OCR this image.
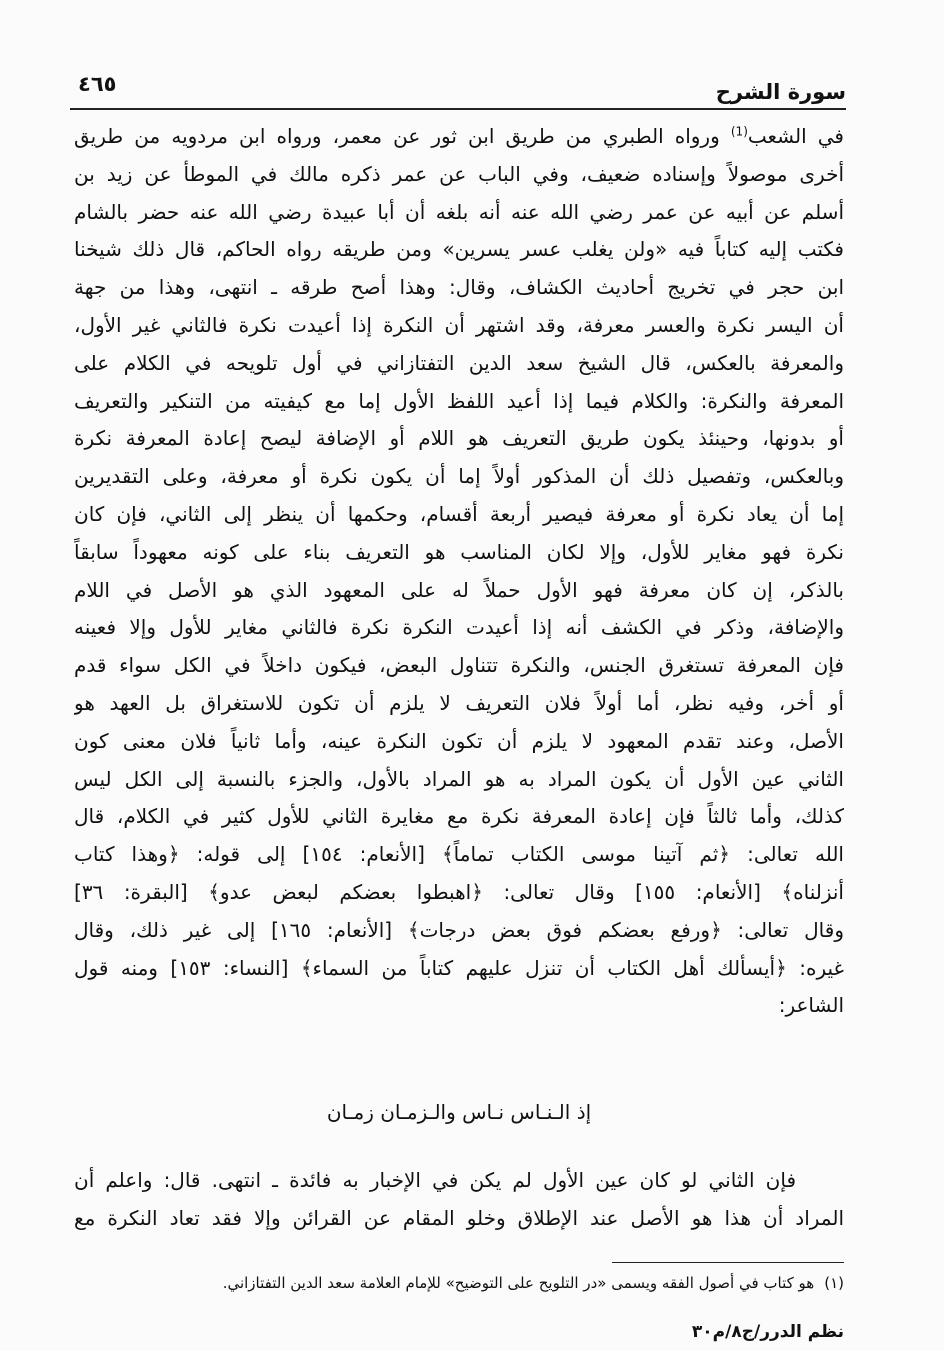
سورة الشرح
٤٦٥
في الشعب$^{(1)}$ ورواه الطبري من طريق ابن ثور عن معمر، ورواه ابن مردويه من طريق
أخرى موصولاً وإسناده ضعيف، وفي الباب عن عمر ذكره مالك في الموطأ عن زيد بن
أسلم عن أبيه عن عمر رضي الله عنه أنه بلغه أن أبا عبيدة رضي الله عنه حضر بالشام
فكتب إليه كتاباً فيه «ولن يغلب عسر يسرين» ومن طريقه رواه الحاكم، قال ذلك شيخنا
ابن حجر في تخريج أحاديث الكشاف، وقال: وهذا أصح طرقه ـ انتهى، وهذا من جهة
أن اليسر نكرة والعسر معرفة، وقد اشتهر أن النكرة إذا أعيدت نكرة فالثاني غير الأول،
والمعرفة بالعكس، قال الشيخ سعد الدين التفتازاني في أول تلويحه في الكلام على
المعرفة والنكرة: والكلام فيما إذا أعيد اللفظ الأول إما مع كيفيته من التنكير والتعريف
أو بدونها، وحينئذ يكون طريق التعريف هو اللام أو الإضافة ليصح إعادة المعرفة نكرة
وبالعكس، وتفصيل ذلك أن المذكور أولاً إما أن يكون نكرة أو معرفة، وعلى التقديرين
إما أن يعاد نكرة أو معرفة فيصير أربعة أقسام، وحكمها أن ينظر إلى الثاني، فإن كان
نكرة فهو مغاير للأول، وإلا لكان المناسب هو التعريف بناء على كونه معهوداً سابقاً
بالذكر، إن كان معرفة فهو الأول حملاً له على المعهود الذي هو الأصل في اللام
والإضافة، وذكر في الكشف أنه إذا أعيدت النكرة نكرة فالثاني مغاير للأول وإلا فعينه
فإن المعرفة تستغرق الجنس، والنكرة تتناول البعض، فيكون داخلاً في الكل سواء قدم
أو أخر، وفيه نظر، أما أولاً فلان التعريف لا يلزم أن تكون للاستغراق بل العهد هو
الأصل، وعند تقدم المعهود لا يلزم أن تكون النكرة عينه، وأما ثانياً فلان معنى كون
الثاني عين الأول أن يكون المراد به هو المراد بالأول، والجزء بالنسبة إلى الكل ليس
كذلك، وأما ثالثاً فإن إعادة المعرفة نكرة مع مغايرة الثاني للأول كثير في الكلام، قال
الله تعالى: ﴿ثم آتينا موسى الكتاب تماماً﴾ [الأنعام: ١٥٤] إلى قوله: ﴿وهذا كتاب
أنزلناه﴾ [الأنعام: ١٥٥] وقال تعالى: ﴿اهبطوا بعضكم لبعض عدو﴾ [البقرة: ٣٦]
وقال تعالى: ﴿ورفع بعضكم فوق بعض درجات﴾ [الأنعام: ١٦٥] إلى غير ذلك، وقال
غيره: ﴿أيسألك أهل الكتاب أن تنزل عليهم كتاباً من السماء﴾ [النساء: ١٥٣] ومنه قول
الشاعر:
إذ الـنـاس نـاس والـزمـان زمـان
فإن الثاني لو كان عين الأول لم يكن في الإخبار به فائدة ـ انتهى. قال: واعلم أن
المراد أن هذا هو الأصل عند الإطلاق وخلو المقام عن القرائن وإلا فقد تعاد النكرة مع
(١)هو كتاب في أصول الفقه ويسمى «در التلويح على التوضيح» للإمام العلامة سعد الدين التفتازاني.
نظم الدرر/ج٨/م٣٠
